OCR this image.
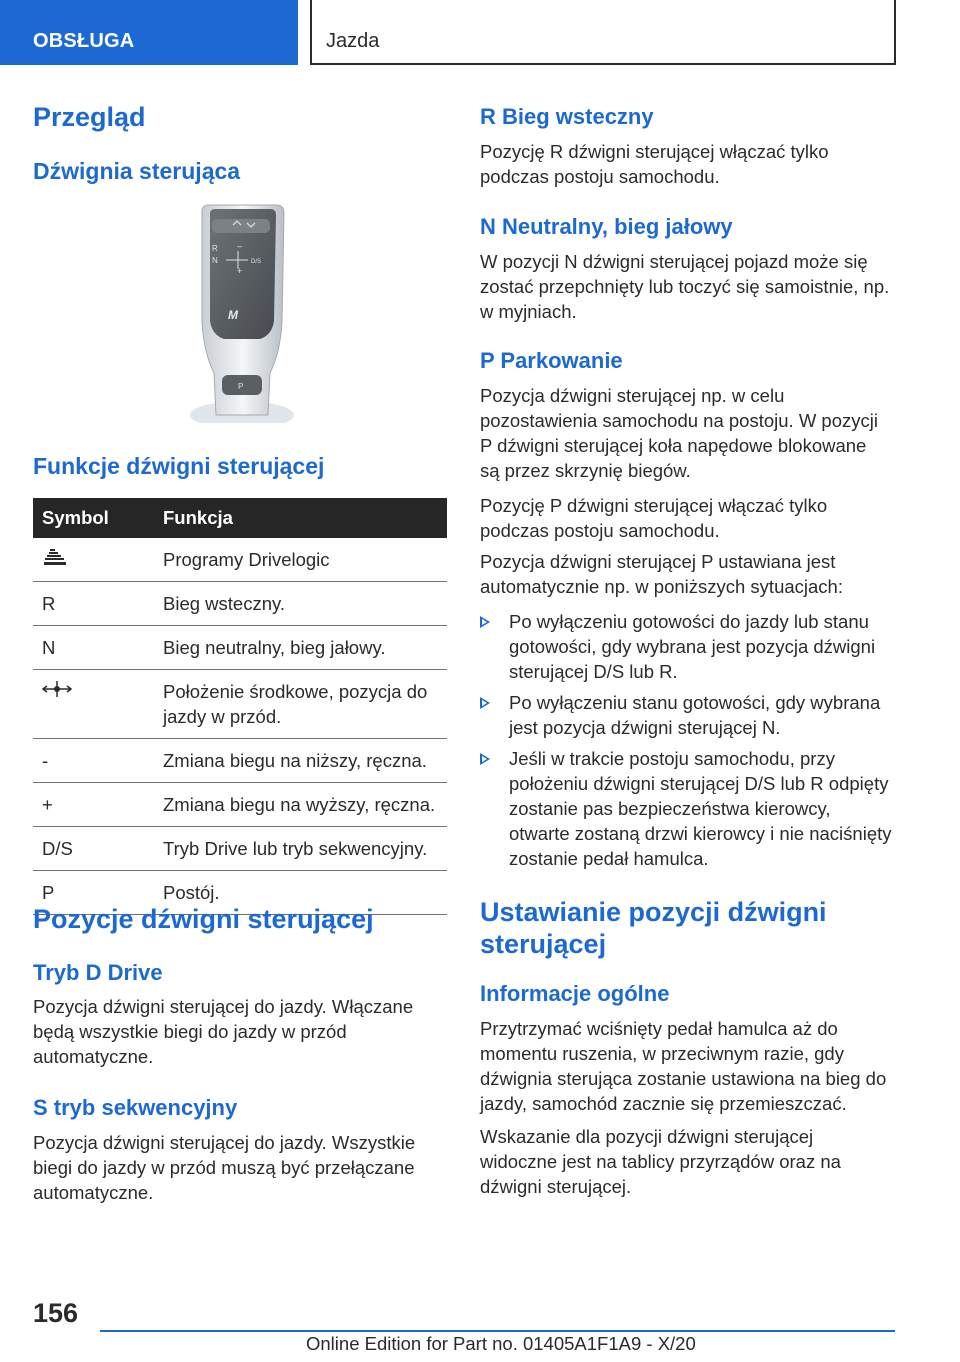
OBSŁUGA	Jazda
Przegląd
Dźwignia sterująca
R –
N
+
D/S
M
P
Funkcje dźwigni sterującej
Symbol	Funkcja
	Programy Drivelogic
R	Bieg wsteczny.
N	Bieg neutralny, bieg jałowy.
	Położenie środkowe, pozycja do jazdy w przód.
-	Zmiana biegu na niższy, ręczna.
+	Zmiana biegu na wyższy, ręczna.
D/S	Tryb Drive lub tryb sekwencyjny.
P	Postój.
Pozycje dźwigni sterującej
Tryb D Drive

Pozycja dźwigni sterującej do jazdy. Włączane będą wszystkie biegi do jazdy w przód automatyczne.

S tryb sekwencyjny

Pozycja dźwigni sterującej do jazdy. Wszystkie biegi do jazdy w przód muszą być przełączane automatyczne.

R Bieg wsteczny

Pozycję R dźwigni sterującej włączać tylko podczas postoju samochodu.

N Neutralny, bieg jałowy

W pozycji N dźwigni sterującej pojazd może się zostać przepchnięty lub toczyć się samoistnie, np. w myjniach.

P Parkowanie

Pozycja dźwigni sterującej np. w celu pozostawienia samochodu na postoju. W pozycji P dźwigni sterującej koła napędowe blokowane są przez skrzynię biegów.

Pozycję P dźwigni sterującej włączać tylko podczas postoju samochodu.

Pozycja dźwigni sterującej P ustawiana jest automatycznie np. w poniższych sytuacjach:

Po wyłączeniu gotowości do jazdy lub stanu gotowości, gdy wybrana jest pozycja dźwigni sterującej D/S lub R.
Po wyłączeniu stanu gotowości, gdy wybrana jest pozycja dźwigni sterującej N.
Jeśli w trakcie postoju samochodu, przy położeniu dźwigni sterującej D/S lub R odpięty zostanie pas bezpieczeństwa kierowcy, otwarte zostaną drzwi kierowcy i nie naciśnięty zostanie pedał hamulca.
Ustawianie pozycji dźwigni sterującej
Informacje ogólne

Przytrzymać wciśnięty pedał hamulca aż do momentu ruszenia, w przeciwnym razie, gdy dźwignia sterująca zostanie ustawiona na bieg do jazdy, samochód zacznie się przemieszczać.

Wskazanie dla pozycji dźwigni sterującej widoczne jest na tablicy przyrządów oraz na dźwigni sterującej.

156
Online Edition for Part no. 01405A1F1A9 - X/20
